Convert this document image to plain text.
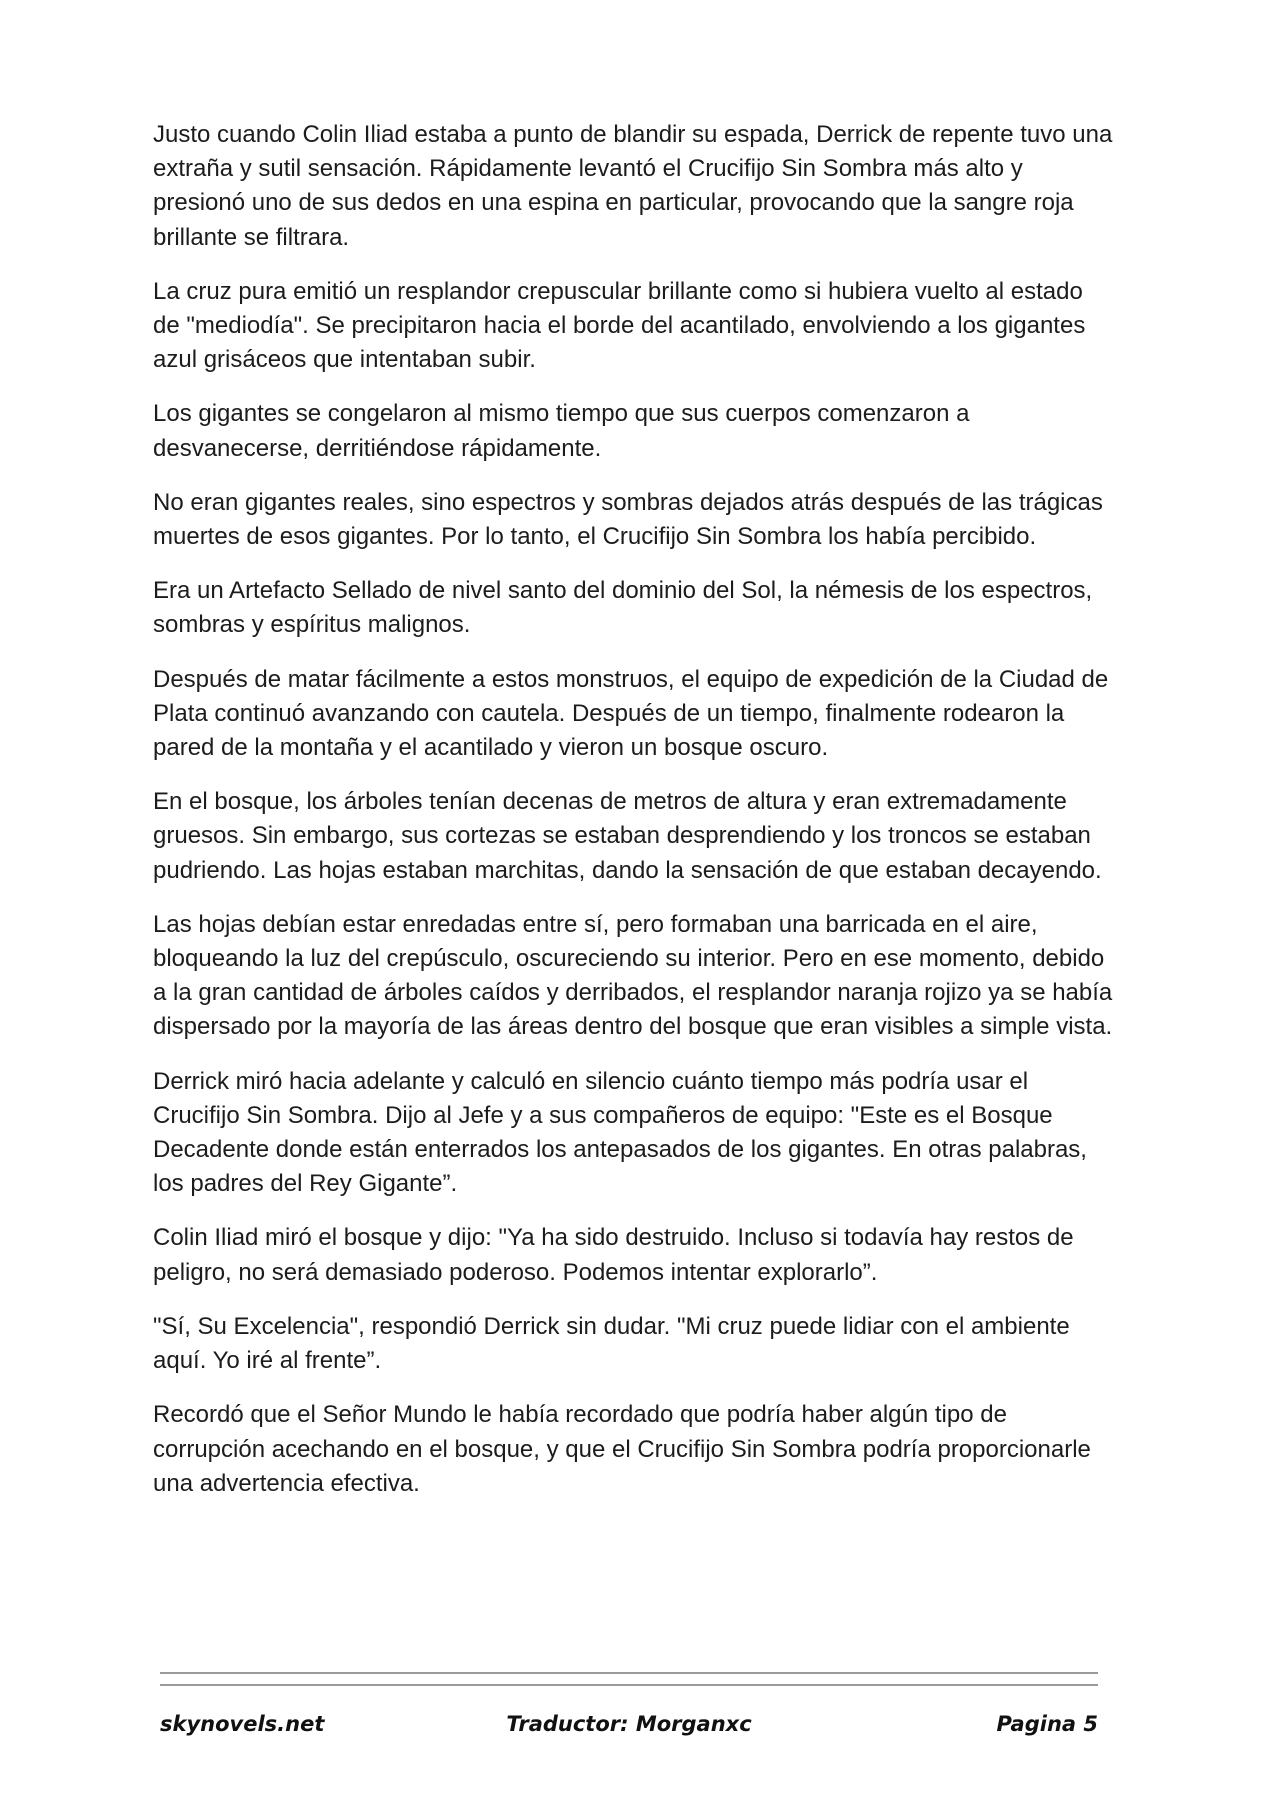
Justo cuando Colin Iliad estaba a punto de blandir su espada, Derrick de repente tuvo una extraña y sutil sensación. Rápidamente levantó el Crucifijo Sin Sombra más alto y presionó uno de sus dedos en una espina en particular, provocando que la sangre roja brillante se filtrara.

La cruz pura emitió un resplandor crepuscular brillante como si hubiera vuelto al estado de "mediodía". Se precipitaron hacia el borde del acantilado, envolviendo a los gigantes azul grisáceos que intentaban subir.

Los gigantes se congelaron al mismo tiempo que sus cuerpos comenzaron a desvanecerse, derritiéndose rápidamente.

No eran gigantes reales, sino espectros y sombras dejados atrás después de las trágicas muertes de esos gigantes. Por lo tanto, el Crucifijo Sin Sombra los había percibido.

Era un Artefacto Sellado de nivel santo del dominio del Sol, la némesis de los espectros, sombras y espíritus malignos.

Después de matar fácilmente a estos monstruos, el equipo de expedición de la Ciudad de Plata continuó avanzando con cautela. Después de un tiempo, finalmente rodearon la pared de la montaña y el acantilado y vieron un bosque oscuro.

En el bosque, los árboles tenían decenas de metros de altura y eran extremadamente gruesos. Sin embargo, sus cortezas se estaban desprendiendo y los troncos se estaban pudriendo. Las hojas estaban marchitas, dando la sensación de que estaban decayendo.

Las hojas debían estar enredadas entre sí, pero formaban una barricada en el aire, bloqueando la luz del crepúsculo, oscureciendo su interior. Pero en ese momento, debido a la gran cantidad de árboles caídos y derribados, el resplandor naranja rojizo ya se había dispersado por la mayoría de las áreas dentro del bosque que eran visibles a simple vista.

Derrick miró hacia adelante y calculó en silencio cuánto tiempo más podría usar el Crucifijo Sin Sombra. Dijo al Jefe y a sus compañeros de equipo: "Este es el Bosque Decadente donde están enterrados los antepasados de los gigantes. En otras palabras, los padres del Rey Gigante”.

Colin Iliad miró el bosque y dijo: "Ya ha sido destruido. Incluso si todavía hay restos de peligro, no será demasiado poderoso. Podemos intentar explorarlo”.

"Sí, Su Excelencia", respondió Derrick sin dudar. "Mi cruz puede lidiar con el ambiente aquí. Yo iré al frente”.

Recordó que el Señor Mundo le había recordado que podría haber algún tipo de corrupción acechando en el bosque, y que el Crucifijo Sin Sombra podría proporcionarle una advertencia efectiva.

skynovels.net	Traductor: Morganxc	Pagina 5
